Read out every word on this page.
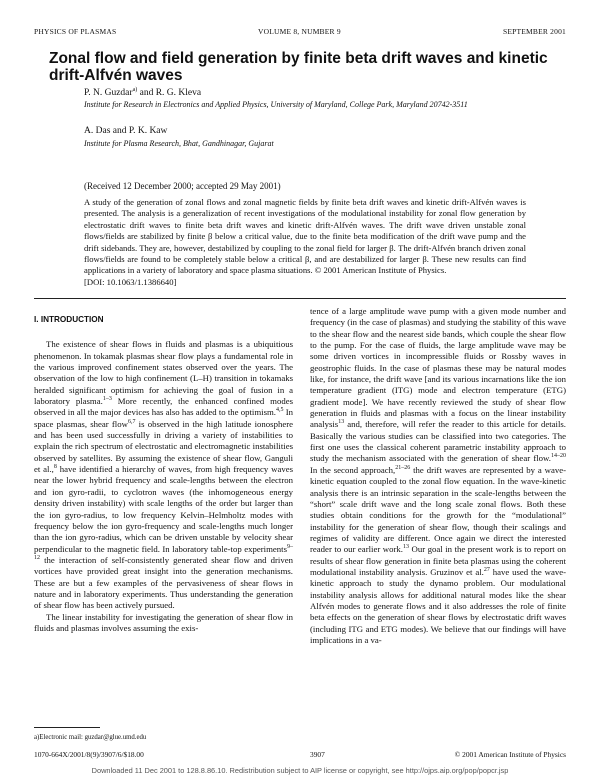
PHYSICS OF PLASMAS	VOLUME 8, NUMBER 9	SEPTEMBER 2001
Zonal flow and field generation by finite beta drift waves and kinetic drift-Alfvén waves
P. N. Guzdar$^{a)}$ and R. G. Kleva
Institute for Research in Electronics and Applied Physics, University of Maryland, College Park, Maryland 20742-3511
A. Das and P. K. Kaw
Institute for Plasma Research, Bhat, Gandhinagar, Gujarat
(Received 12 December 2000; accepted 29 May 2001)

A study of the generation of zonal flows and zonal magnetic fields by finite beta drift waves and kinetic drift-Alfvén waves is presented. The analysis is a generalization of recent investigations of the modulational instability for zonal flow generation by electrostatic drift waves to finite beta drift waves and kinetic drift-Alfvén waves. The drift wave driven unstable zonal flows/fields are stabilized by finite β below a critical value, due to the finite beta modification of the drift wave pump and the drift sidebands. They are, however, destabilized by coupling to the zonal field for larger β. The drift-Alfvén branch driven zonal flows/fields are found to be completely stable below a critical β, and are destabilized for larger β. These new results can find applications in a variety of laboratory and space plasma situations. © 2001 American Institute of Physics.
[DOI: 10.1063/1.1386640]

I. INTRODUCTION

The existence of shear flows in fluids and plasmas is a ubiquitious phenomenon. In tokamak plasmas shear flow plays a fundamental role in the various improved confinement states observed over the years. The observation of the low to high confinement (L–H) transition in tokamaks heralded significant optimism for achieving the goal of fusion in a laboratory plasma.$^{1-3}$ More recently, the enhanced confined modes observed in all the major devices has also has added to the optimism.$^{4,5}$ In space plasmas, shear flow$^{6,7}$ is observed in the high latitude ionosphere and has been used successfully in driving a variety of instabilities to explain the rich spectrum of electrostatic and electromagnetic instabilities observed by satellites. By assuming the existence of shear flow, Ganguli et al.,$^8$ have identified a hierarchy of waves, from high frequency waves near the lower hybrid frequency and scale-lengths between the electron and ion gyro-radii, to cyclotron waves (the inhomogeneous energy density driven instability) with scale lengths of the order but larger than the ion gyro-radius, to low frequency Kelvin–Helmholtz modes with frequency below the ion gyro-frequency and scale-lengths much longer than the ion gyro-radius, which can be driven unstable by velocity shear perpendicular to the magnetic field. In laboratory table-top experiments$^{9-12}$ the interaction of self-consistently generated shear flow and driven vortices have provided great insight into the generation mechanisms. These are but a few examples of the pervasiveness of shear flows in nature and in laboratory experiments. Thus understanding the generation of shear flow has been actively pursued.

The linear instability for investigating the generation of shear flow in fluids and plasmas involves assuming the exis-

tence of a large amplitude wave pump with a given mode number and frequency (in the case of plasmas) and studying the stability of this wave to the shear flow and the nearest side bands, which couple the shear flow to the pump. For the case of fluids, the large amplitude wave may be some driven vortices in incompressible fluids or Rossby waves in geostrophic fluids. In the case of plasmas these may be natural modes like, for instance, the drift wave [and its various incarnations like the ion temperature gradient (ITG) mode and electron temperature (ETG) gradient mode]. We have recently reviewed the study of shear flow generation in fluids and plasmas with a focus on the linear instability analysis$^{13}$ and, therefore, will refer the reader to this article for details. Basically the various studies can be classified into two categories. The first one uses the classical coherent parametric instability approach to study the mechanism associated with the generation of shear flow.$^{14-20}$ In the second approach,$^{21-26}$ the drift waves are represented by a wave-kinetic equation coupled to the zonal flow equation. In the wave-kinetic analysis there is an intrinsic separation in the scale-lengths between the “short” scale drift wave and the long scale zonal flows. Both these studies obtain conditions for the growth for the “modulational” instability for the generation of shear flow, though their scalings and regimes of validity are different. Once again we direct the interested reader to our earlier work.$^{13}$ Our goal in the present work is to report on results of shear flow generation in finite beta plasmas using the coherent modulational instability analysis. Gruzinov et al.$^{27}$ have used the wave-kinetic approach to study the dynamo problem. Our modulational instability analysis allows for additional natural modes like the shear Alfvén modes to generate flows and it also addresses the role of finite beta effects on the generation of shear flows by electrostatic drift waves (including ITG and ETG modes). We believe that our findings will have implications in a va-

a)Electronic mail: guzdar@glue.umd.edu
1070-664X/2001/8(9)/3907/6/$18.00	3907	© 2001 American Institute of Physics
Downloaded 11 Dec 2001 to 128.8.86.10. Redistribution subject to AIP license or copyright, see http://ojps.aip.org/pop/popcr.jsp
